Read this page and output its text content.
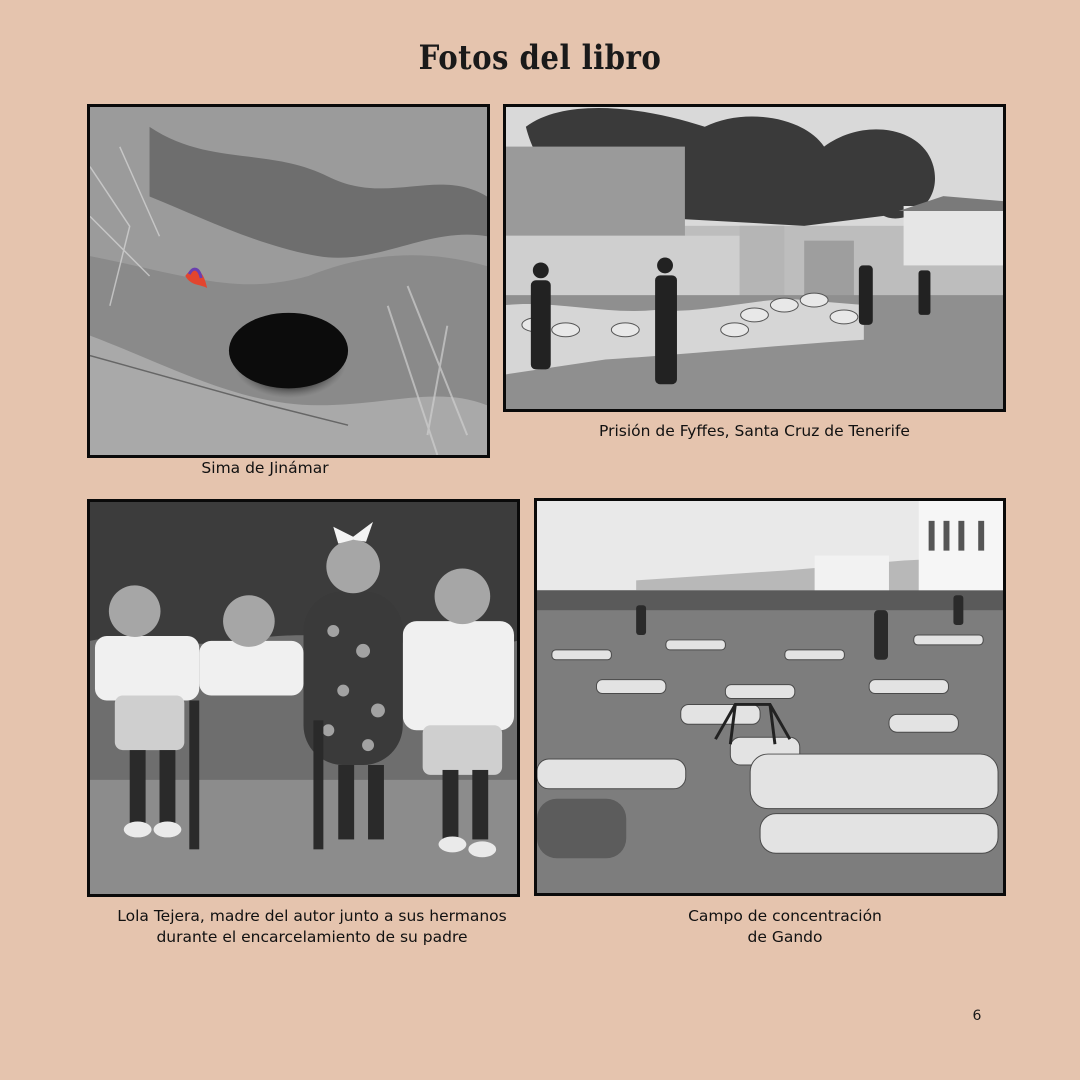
Fotos del libro
Sima de Jinámar
Prisión de Fyffes, Santa Cruz de Tenerife
Lola Tejera, madre del autor junto a sus hermanos durante el encarcelamiento de su padre
Campo de concentración
de Gando
6
